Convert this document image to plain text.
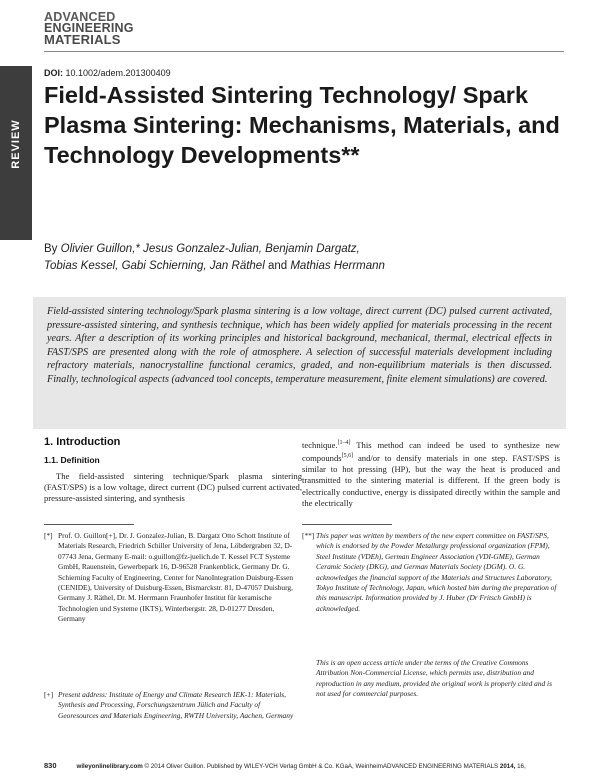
REVIEW
ADVANCED
ENGINEERING
MATERIALS
DOI: 10.1002/adem.201300409
Field-Assisted Sintering Technology/ Spark Plasma Sintering: Mechanisms, Materials, and Technology Developments**
By Olivier Guillon,* Jesus Gonzalez-Julian, Benjamin Dargatz,
Tobias Kessel, Gabi Schierning, Jan Räthel and Mathias Herrmann

Field-assisted sintering technology/Spark plasma sintering is a low voltage, direct current (DC) pulsed current activated, pressure-assisted sintering, and synthesis technique, which has been widely applied for materials processing in the recent years. After a description of its working principles and historical background, mechanical, thermal, electrical effects in FAST/SPS are presented along with the role of atmosphere. A selection of successful materials development including refractory materials, nanocrystalline functional ceramics, graded, and non-equilibrium materials is then discussed. Finally, technological aspects (advanced tool concepts, temperature measurement, finite element simulations) are covered.

1. Introduction
1.1. Definition

The field-assisted sintering technique/Spark plasma sintering (FAST/SPS) is a low voltage, direct current (DC) pulsed current activated, pressure-assisted sintering, and synthesis

technique.[1–4] This method can indeed be used to synthesize new compounds[5,6] and/or to densify materials in one step. FAST/SPS is similar to hot pressing (HP), but the way the heat is produced and transmitted to the sintering material is different. If the green body is electrically conductive, energy is dissipated directly within the sample and the electrically

[*] Prof. O. Guillon[+], Dr. J. Gonzalez-Julian, B. Dargatz Otto Schott Institute of Materials Research, Friedrich Schiller University of Jena, Löbdergraben 32, D-07743 Jena, Germany E-mail: o.guillon@fz-juelich.de T. Kessel FCT Systeme GmbH, Rauenstein, Gewerbepark 16, D-96528 Frankenblick, Germany Dr. G. Schierning Faculty of Engineering, Center for NanoIntegration Duisburg-Essen (CENIDE), University of Duisburg-Essen, Bismarckstr. 81, D-47057 Duisburg, Germany J. Räthel, Dr. M. Herrmann Fraunhofer Institut für keramische Technologien und Systeme (IKTS), Winterbergstr. 28, D-01277 Dresden, Germany
[+] Present address: Institute of Energy and Climate Research IEK-1: Materials, Synthesis and Processing, Forschungszentrum Jülich and Faculty of Georesources and Materials Engineering, RWTH University, Aachen, Germany
[**] This paper was written by members of the new expert committee on FAST/SPS, which is endorsed by the Powder Metallurgy professional organization (FPM), Steel Institute (VDEh), German Engineer Association (VDI-GME), German Ceramic Society (DKG), and German Materials Society (DGM). O. G. acknowledges the financial support of the Materials and Structures Laboratory, Tokyo Institute of Technology, Japan, which hosted him during the preparation of this manuscript. Information provided by J. Huber (Dr Fritsch GmbH) is acknowledged.
This is an open access article under the terms of the Creative Commons Attribution Non-Commercial License, which permits use, distribution and reproduction in any medium, provided the original work is properly cited and is not used for commercial purposes.
830	wileyonlinelibrary.com © 2014 Oliver Guillon. Published by WILEY-VCH Verlag GmbH & Co. KGaA, WeinheimADVANCED ENGINEERING MATERIALS 2014, 16,
